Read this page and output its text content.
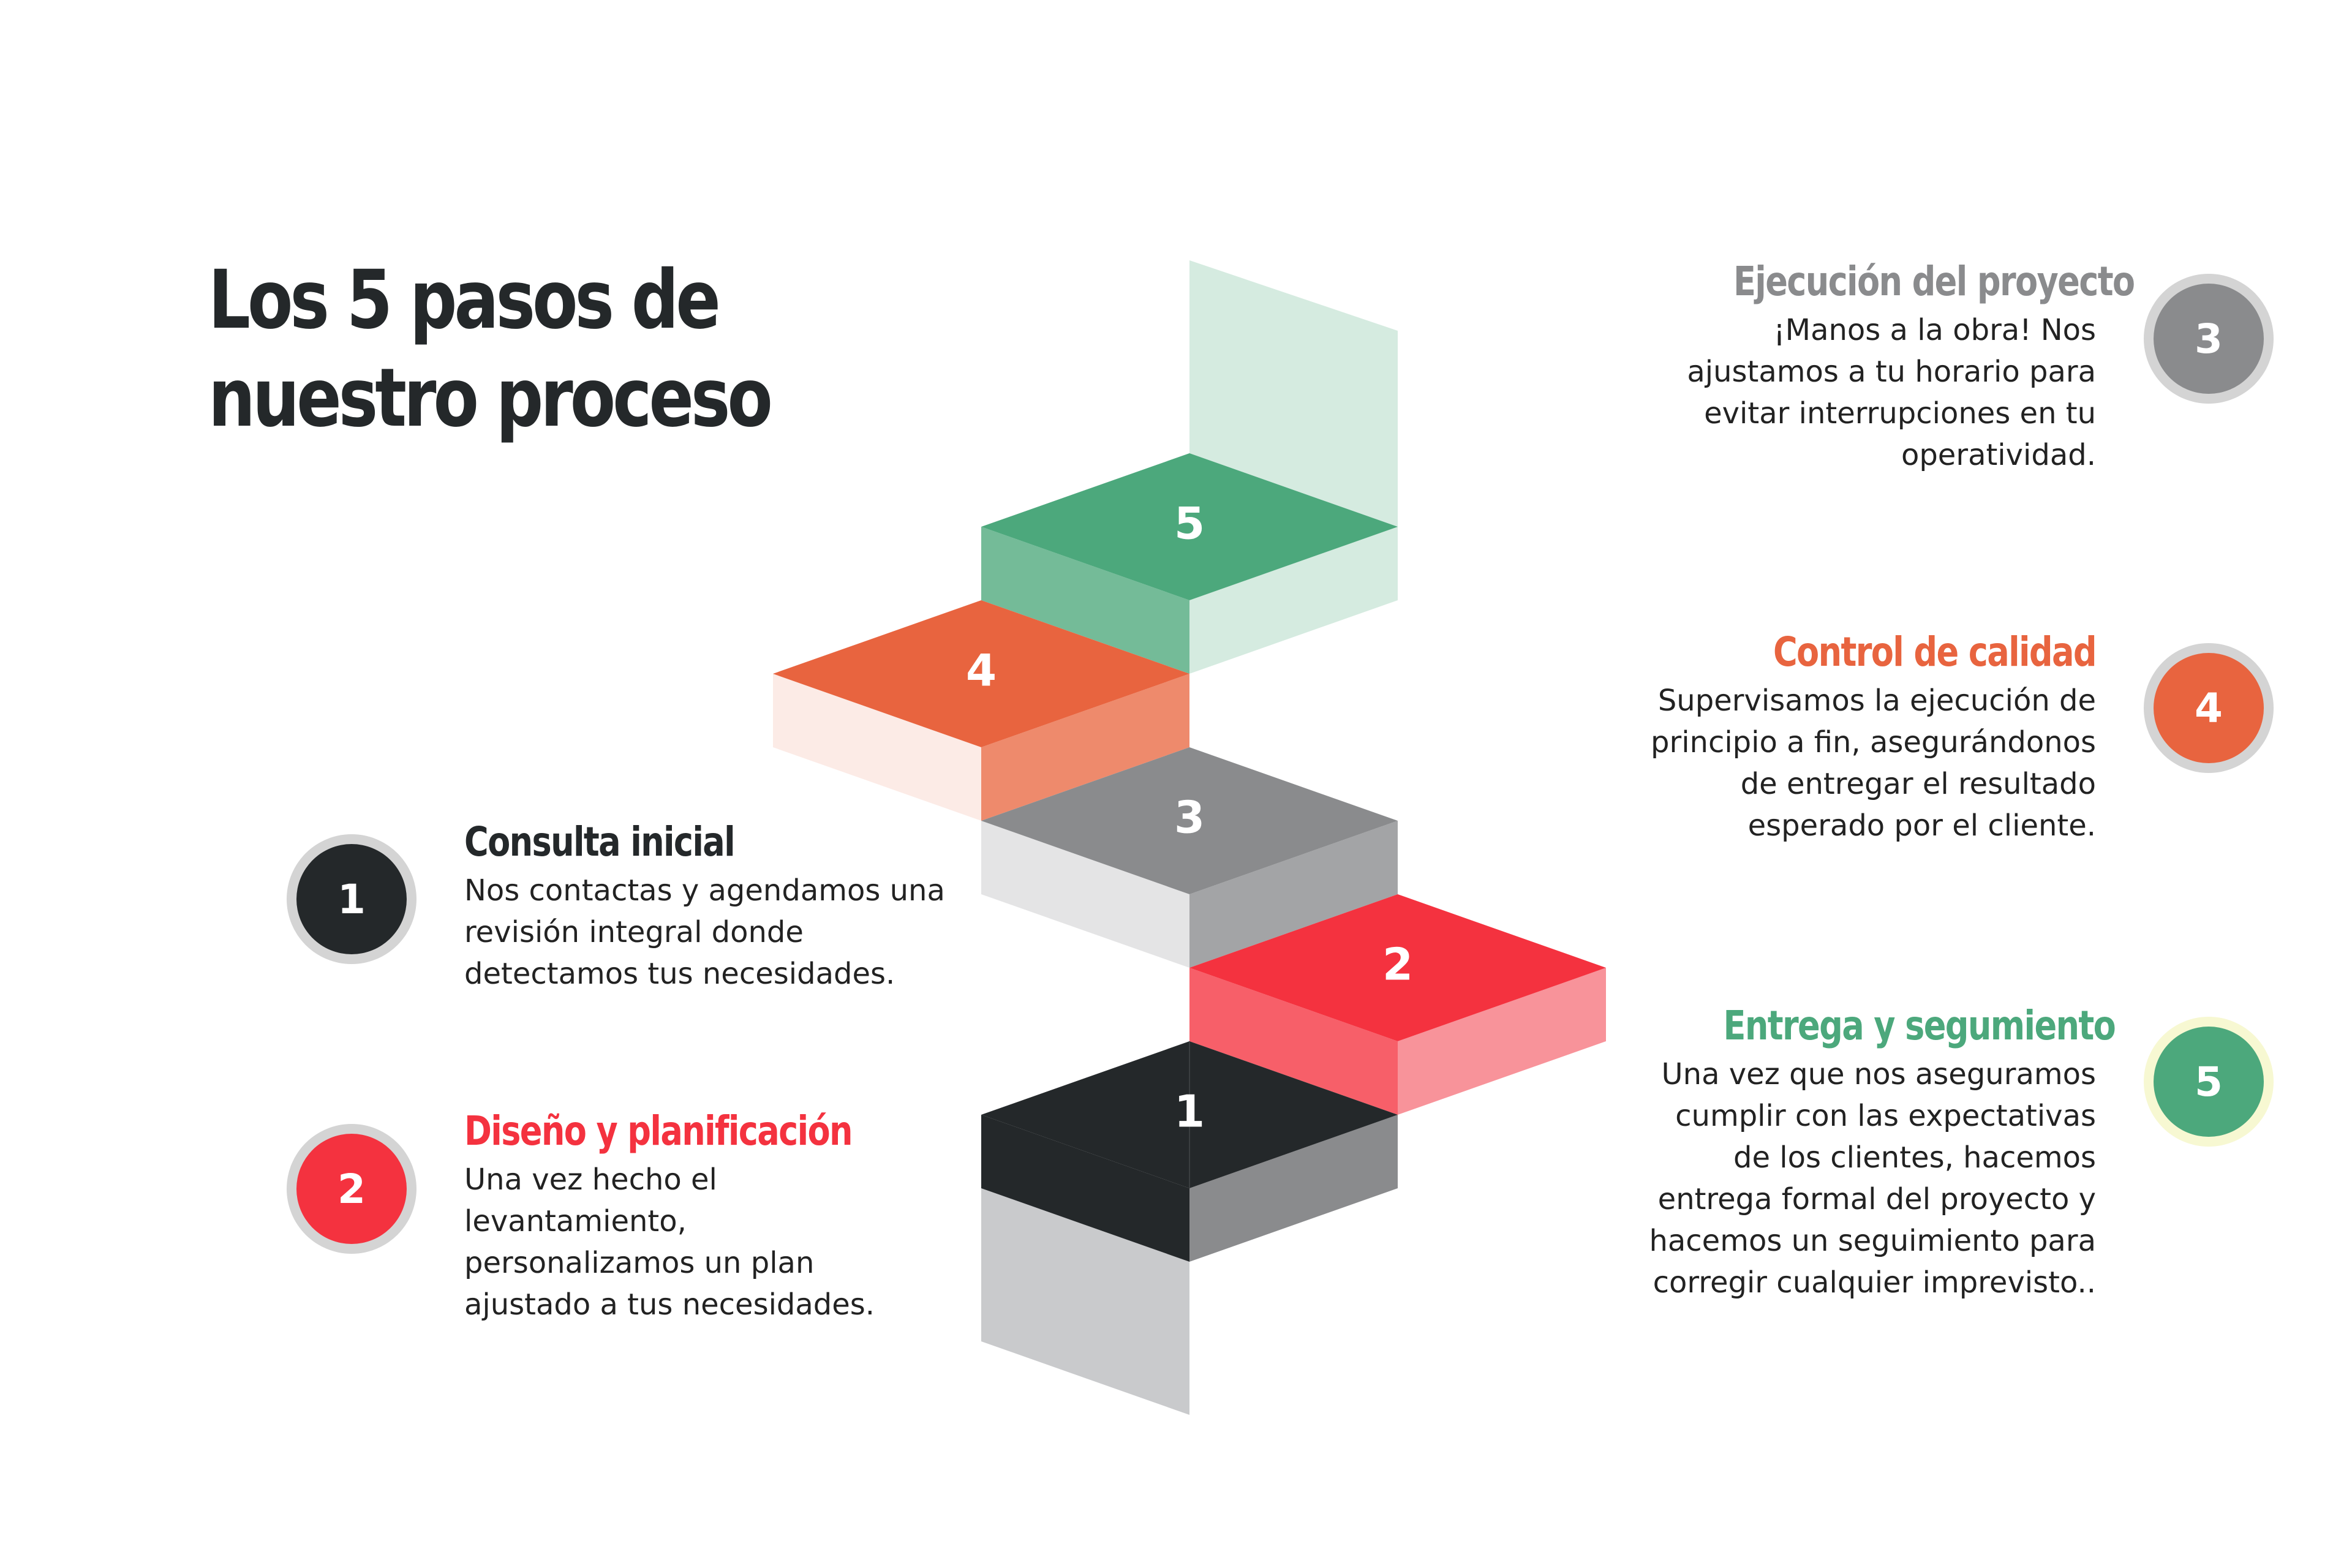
Los 5 pasos de nuestro proceso
5
4
3
2
1
1
Consulta inicial

Nos contactas y agendamos una revisión integral donde detectamos tus necesidades.

2
Diseño y planificación

Una vez hecho el levantamiento, personalizamos un plan ajustado a tus necesidades.

Ejecución del proyecto

¡Manos a la obra! Nos ajustamos a tu horario para evitar interrupciones en tu operatividad.

3
Control de calidad

Supervisamos la ejecución de principio a fin, asegurándonos de entregar el resultado esperado por el cliente.

4
Entrega y segumiento

Una vez que nos aseguramos cumplir con las expectativas de los clientes, hacemos entrega formal del proyecto y hacemos un seguimiento para corregir cualquier imprevisto..

5
